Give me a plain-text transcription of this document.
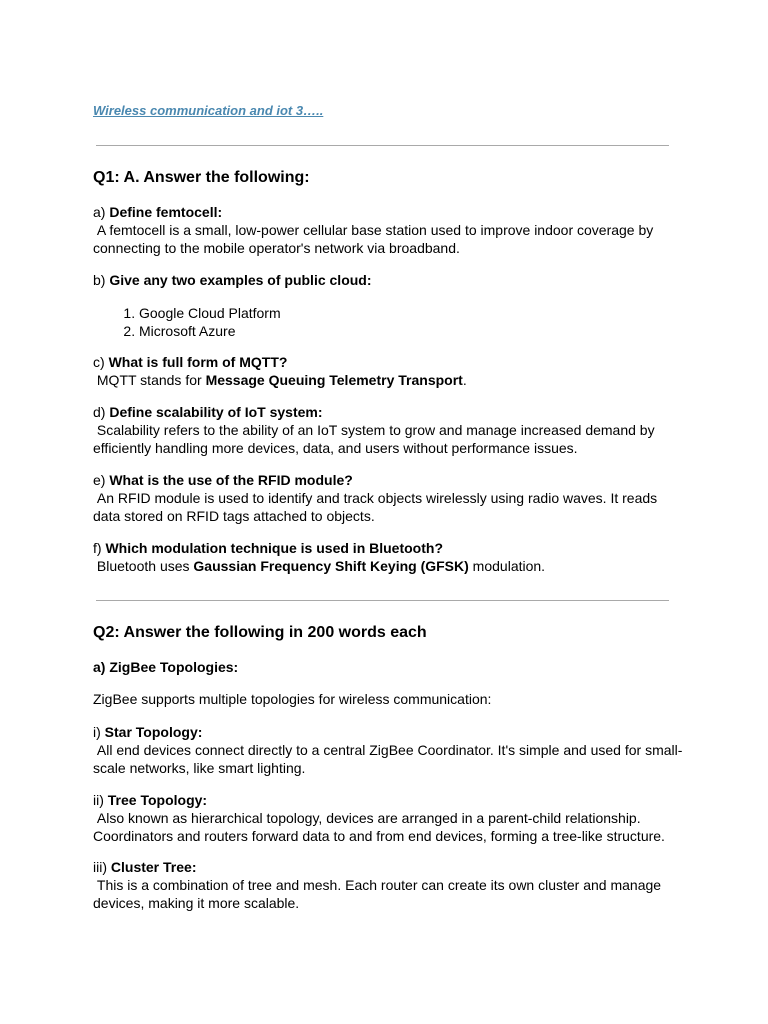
Wireless communication and iot 3…..

Q1: A. Answer the following:

a) Define femtocell:

A femtocell is a small, low-power cellular base station used to improve indoor coverage by connecting to the mobile operator's network via broadband.

b) Give any two examples of public cloud:

1. Google Cloud Platform
2. Microsoft Azure

c) What is full form of MQTT?

MQTT stands for Message Queuing Telemetry Transport.

d) Define scalability of IoT system:

Scalability refers to the ability of an IoT system to grow and manage increased demand by efficiently handling more devices, data, and users without performance issues.

e) What is the use of the RFID module?

An RFID module is used to identify and track objects wirelessly using radio waves. It reads data stored on RFID tags attached to objects.

f) Which modulation technique is used in Bluetooth?

Bluetooth uses Gaussian Frequency Shift Keying (GFSK) modulation.

Q2: Answer the following in 200 words each

a) ZigBee Topologies:

ZigBee supports multiple topologies for wireless communication:

i) Star Topology:

All end devices connect directly to a central ZigBee Coordinator. It's simple and used for small-scale networks, like smart lighting.

ii) Tree Topology:

Also known as hierarchical topology, devices are arranged in a parent-child relationship. Coordinators and routers forward data to and from end devices, forming a tree-like structure.

iii) Cluster Tree:

This is a combination of tree and mesh. Each router can create its own cluster and manage devices, making it more scalable.
